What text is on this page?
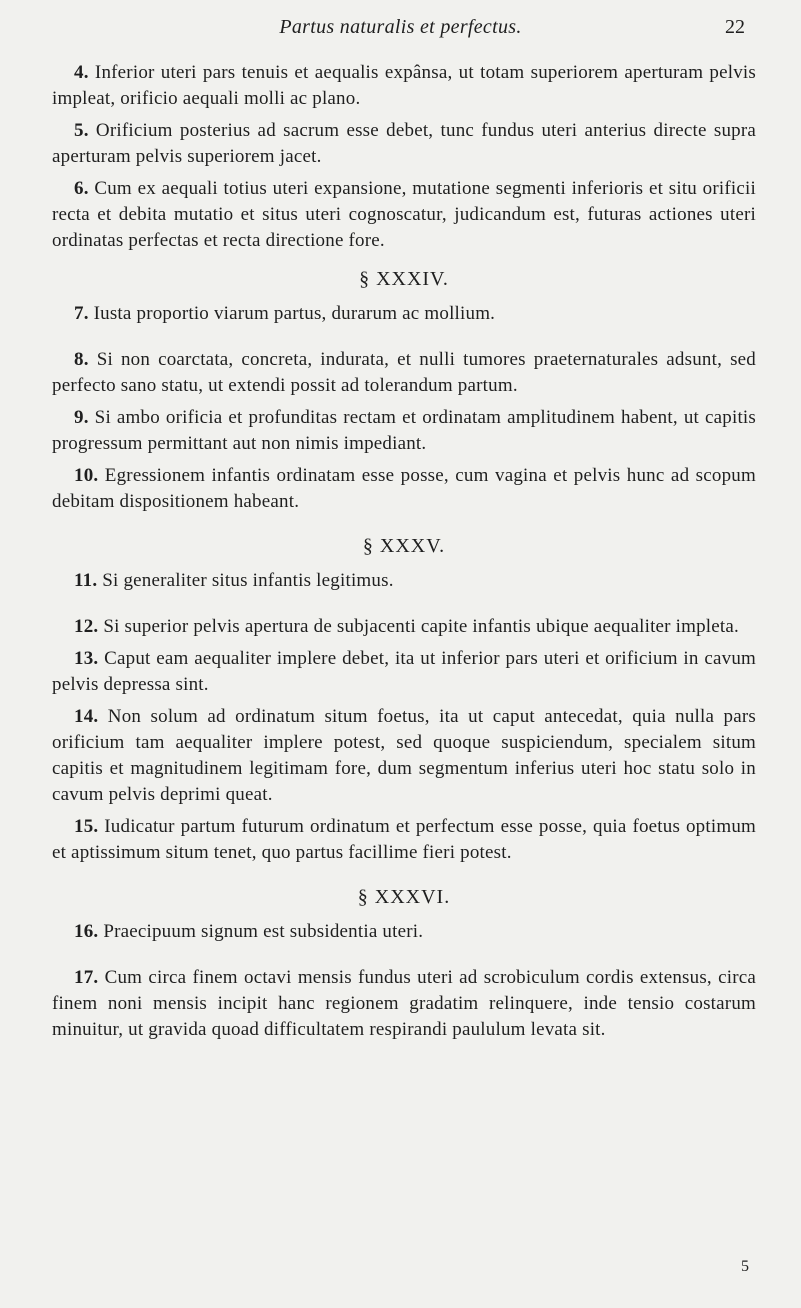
Partus naturalis et perfectus.	22

4. Inferior uteri pars tenuis et aequalis expânsa, ut totam superiorem aperturam pelvis impleat, orificio aequali molli ac plano.

5. Orificium posterius ad sacrum esse debet, tunc fundus uteri anterius directe supra aperturam pelvis superiorem jacet.

6. Cum ex aequali totius uteri expansione, mutatione segmenti inferioris et situ orificii recta et debita mutatio et situs uteri cognoscatur, judicandum est, futuras actiones uteri ordinatas perfectas et recta directione fore.

§ XXXIV.

7. Iusta proportio viarum partus, durarum ac mollium.

8. Si non coarctata, concreta, indurata, et nulli tumores praeternaturales adsunt, sed perfecto sano statu, ut extendi possit ad tolerandum partum.

9. Si ambo orificia et profunditas rectam et ordinatam amplitudinem habent, ut capitis progressum permittant aut non nimis impediant.

10. Egressionem infantis ordinatam esse posse, cum vagina et pelvis hunc ad scopum debitam dispositionem habeant.

§ XXXV.

11. Si generaliter situs infantis legitimus.

12. Si superior pelvis apertura de subjacenti capite infantis ubique aequaliter impleta.

13. Caput eam aequaliter implere debet, ita ut inferior pars uteri et orificium in cavum pelvis depressa sint.

14. Non solum ad ordinatum situm foetus, ita ut caput antecedat, quia nulla pars orificium tam aequaliter implere potest, sed quoque suspiciendum, specialem situm capitis et magnitudinem legitimam fore, dum segmentum inferius uteri hoc statu solo in cavum pelvis deprimi queat.

15. Iudicatur partum futurum ordinatum et perfectum esse posse, quia foetus optimum et aptissimum situm tenet, quo partus facillime fieri potest.

§ XXXVI.

16. Praecipuum signum est subsidentia uteri.

17. Cum circa finem octavi mensis fundus uteri ad scrobiculum cordis extensus, circa finem noni mensis incipit hanc regionem gradatim relinquere, inde tensio costarum minuitur, ut gravida quoad difficultatem respirandi paululum levata sit.

5
